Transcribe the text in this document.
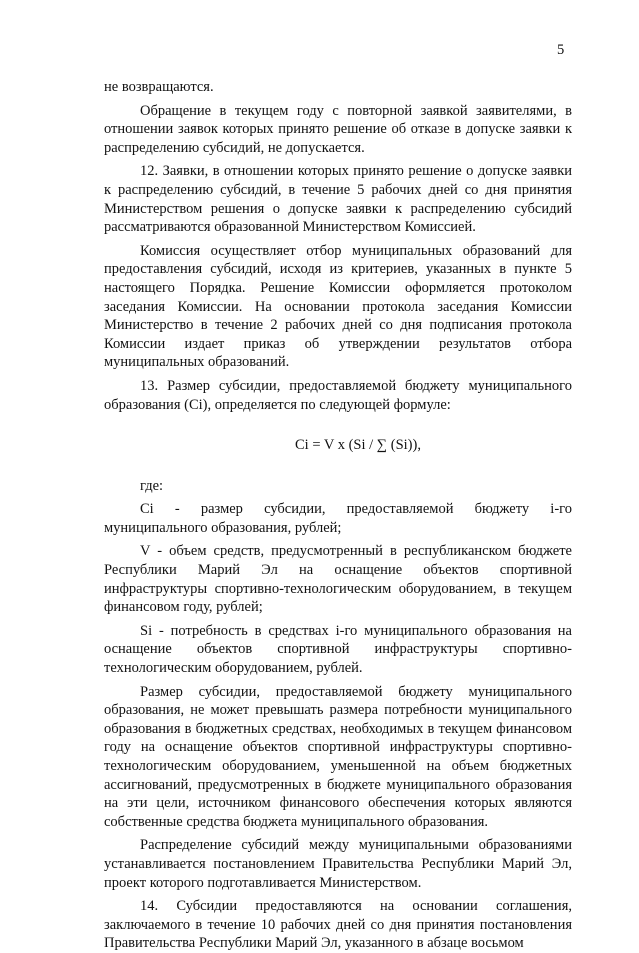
5

не возвращаются.

Обращение в текущем году с повторной заявкой заявителями, в отношении заявок которых принято решение об отказе в допуске заявки к распределению субсидий, не допускается.

12. Заявки, в отношении которых принято решение о допуске заявки к распределению субсидий, в течение 5 рабочих дней со дня принятия Министерством решения о допуске заявки к распределению субсидий рассматриваются образованной Министерством Комиссией.

Комиссия осуществляет отбор муниципальных образований для предоставления субсидий, исходя из критериев, указанных в пункте 5 настоящего Порядка. Решение Комиссии оформляется протоколом заседания Комиссии. На основании протокола заседания Комиссии Министерство в течение 2 рабочих дней со дня подписания протокола Комиссии издает приказ об утверждении результатов отбора муниципальных образований.

13. Размер субсидии, предоставляемой бюджету муниципального образования (Ci), определяется по следующей формуле:

Ci = V x (Si / ∑ (Si)),

где:

Ci - размер субсидии, предоставляемой бюджету i-го муниципального образования, рублей;

V - объем средств, предусмотренный в республиканском бюджете Республики Марий Эл на оснащение объектов спортивной инфраструктуры спортивно-технологическим оборудованием, в текущем финансовом году, рублей;

Si - потребность в средствах i-го муниципального образования на оснащение объектов спортивной инфраструктуры спортивно-технологическим оборудованием, рублей.

Размер субсидии, предоставляемой бюджету муниципального образования, не может превышать размера потребности муниципального образования в бюджетных средствах, необходимых в текущем финансовом году на оснащение объектов спортивной инфраструктуры спортивно-технологическим оборудованием, уменьшенной на объем бюджетных ассигнований, предусмотренных в бюджете муниципального образования на эти цели, источником финансового обеспечения которых являются собственные средства бюджета муниципального образования.

Распределение субсидий между муниципальными образованиями устанавливается постановлением Правительства Республики Марий Эл, проект которого подготавливается Министерством.

14. Субсидии предоставляются на основании соглашения, заключаемого в течение 10 рабочих дней со дня принятия постановления Правительства Республики Марий Эл, указанного в абзаце восьмом
